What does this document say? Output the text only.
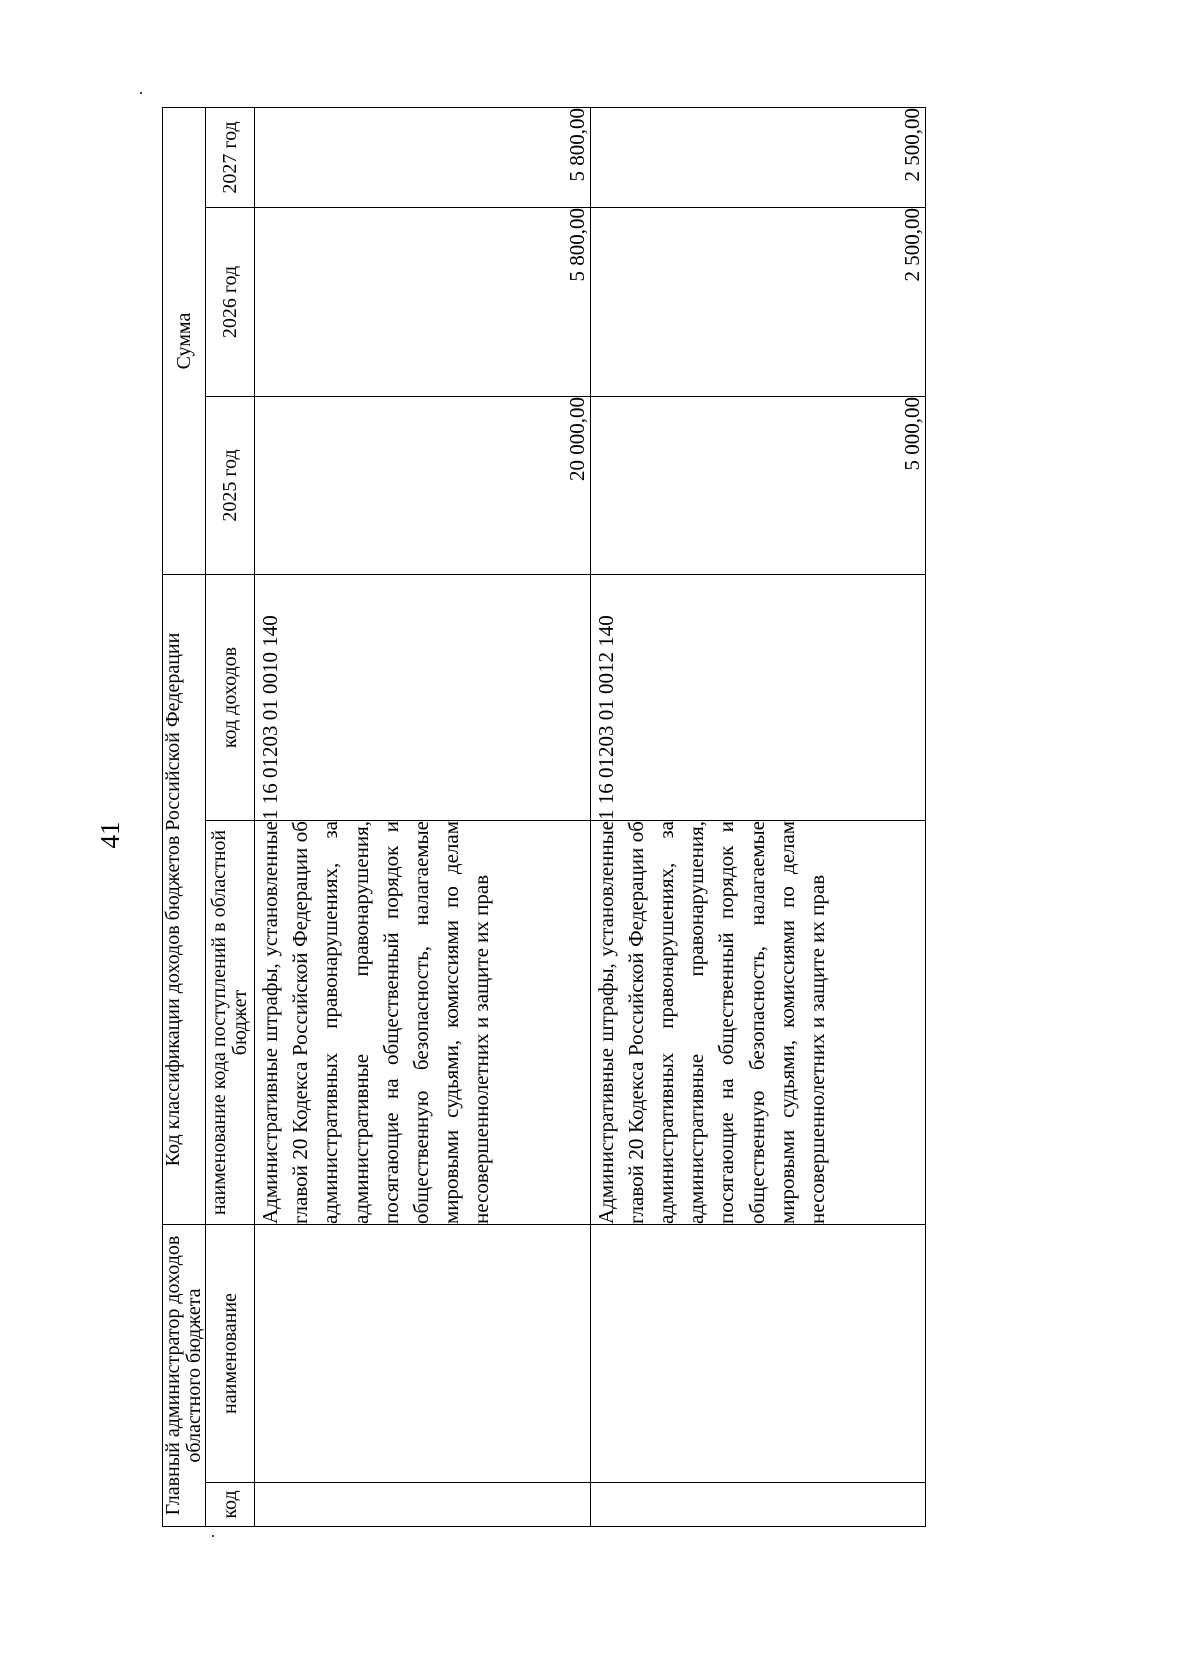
41
Главный администратор доходов областного бюджета		Код классификации доходов бюджетов Российской Федерации		Сумма		
код	наименование	наименование кода поступлений в областной бюджет	код доходов	2025 год	2026 год	2027 год
		Административные штрафы, установленные главой 20 Кодекса Российской Федерации об административных правонарушениях, за административные правонарушения, посягающие на общественный порядок и общественную безопасность, налагаемые мировыми судьями, комиссиями по делам несовершеннолетних и защите их прав	1 16 01203 01 0010 140	20 000,00	5 800,00	5 800,00
		Административные штрафы, установленные главой 20 Кодекса Российской Федерации об административных правонарушениях, за административные правонарушения, посягающие на общественный порядок и общественную безопасность, налагаемые мировыми судьями, комиссиями по делам несовершеннолетних и защите их прав	1 16 01203 01 0012 140	5 000,00	2 500,00	2 500,00
